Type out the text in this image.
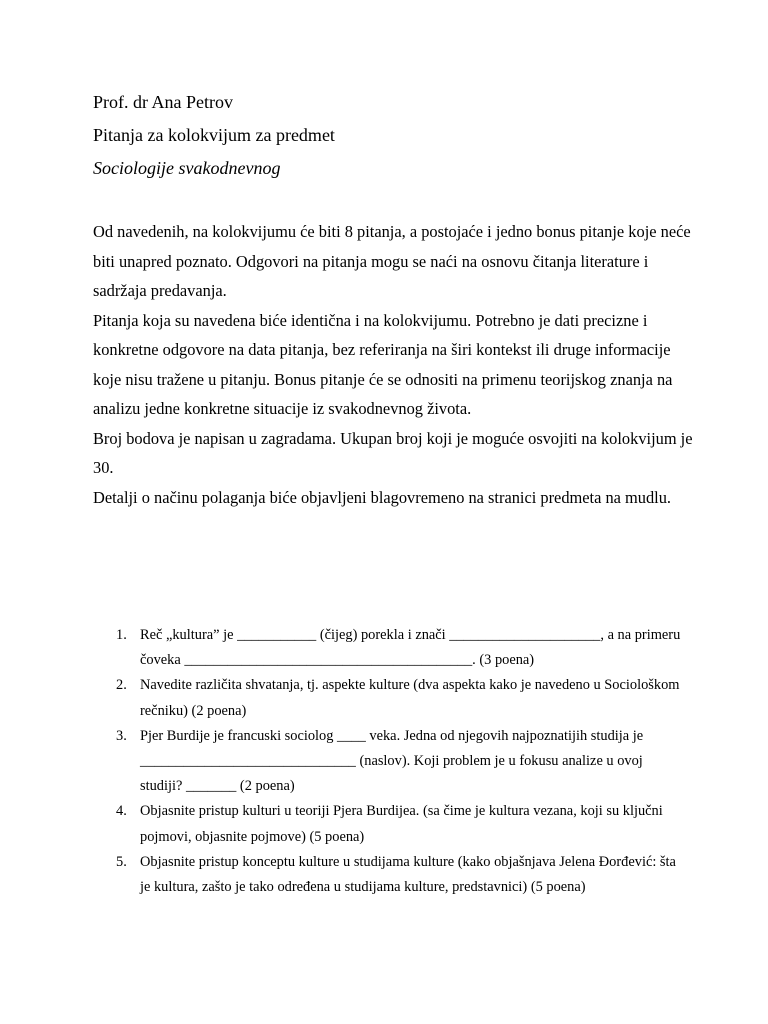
Prof. dr Ana Petrov

Pitanja za kolokvijum za predmet

Sociologije svakodnevnog

Od navedenih, na kolokvijumu će biti 8 pitanja, a postojaće i jedno bonus pitanje koje neće biti unapred poznato. Odgovori na pitanja mogu se naći na osnovu čitanja literature i sadržaja predavanja.

Pitanja koja su navedena biće identična i na kolokvijumu. Potrebno je dati precizne i konkretne odgovore na data pitanja, bez referiranja na širi kontekst ili druge informacije koje nisu tražene u pitanju. Bonus pitanje će se odnositi na primenu teorijskog znanja na analizu jedne konkretne situacije iz svakodnevnog života.

Broj bodova je napisan u zagradama. Ukupan broj koji je moguće osvojiti na kolokvijum je 30.

Detalji o načinu polaganja biće objavljeni blagovremeno na stranici predmeta na mudlu.

1. Reč „kultura” je ___________ (čijeg) porekla i znači _____________________, a na primeru čoveka ________________________________________. (3 poena)
2. Navedite različita shvatanja, tj. aspekte kulture (dva aspekta kako je navedeno u Sociološkom rečniku) (2 poena)
3. Pjer Burdije je francuski sociolog ____ veka. Jedna od njegovih najpoznatijih studija je ______________________________ (naslov). Koji problem je u fokusu analize u ovoj studiji? _______ (2 poena)
4. Objasnite pristup kulturi u teoriji Pjera Burdijea. (sa čime je kultura vezana, koji su ključni pojmovi, objasnite pojmove) (5 poena)
5. Objasnite pristup konceptu kulture u studijama kulture (kako objašnjava Jelena Đorđević: šta je kultura, zašto je tako određena u studijama kulture, predstavnici) (5 poena)
